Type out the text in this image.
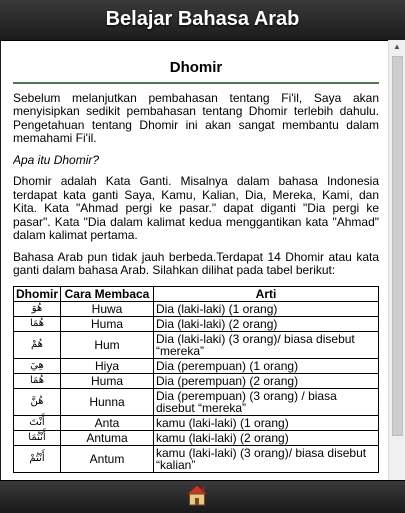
Belajar Bahasa Arab
Dhomir

Sebelum melanjutkan pembahasan tentang Fi'il, Saya akan menyisipkan sedikit pembahasan tentang Dhomir terlebih dahulu. Pengetahuan tentang Dhomir ini akan sangat membantu dalam memahami Fi'il.

Apa itu Dhomir?

Dhomir adalah Kata Ganti. Misalnya dalam bahasa Indonesia terdapat kata ganti Saya, Kamu, Kalian, Dia, Mereka, Kami, dan Kita. Kata "Ahmad pergi ke pasar." dapat diganti "Dia pergi ke pasar". Kata "Dia dalam kalimat kedua menggantikan kata "Ahmad" dalam kalimat pertama.

Bahasa Arab pun tidak jauh berbeda.Terdapat 14 Dhomir atau kata ganti dalam bahasa Arab. Silahkan dilihat pada tabel berikut:

Dhomir	Cara Membaca	Arti
هُوَ	Huwa	Dia (laki-laki) (1 orang)
هُمَا	Huma	Dia (laki-laki) (2 orang)
هُمْ	Hum	Dia (laki-laki) (3 orang)/ biasa disebut “mereka”
هِيَ	Hiya	Dia (perempuan) (1 orang)
هُمَا	Huma	Dia (perempuan) (2 orang)
هُنَّ	Hunna	Dia (perempuan) (3 orang) / biasa disebut “mereka”
أَنْتَ	Anta	kamu (laki-laki) (1 orang)
أَنْتُمَا	Antuma	kamu (laki-laki) (2 orang)
أَنْتُمْ	Antum	kamu (laki-laki) (3 orang)/ biasa disebut “kalian”
▲
